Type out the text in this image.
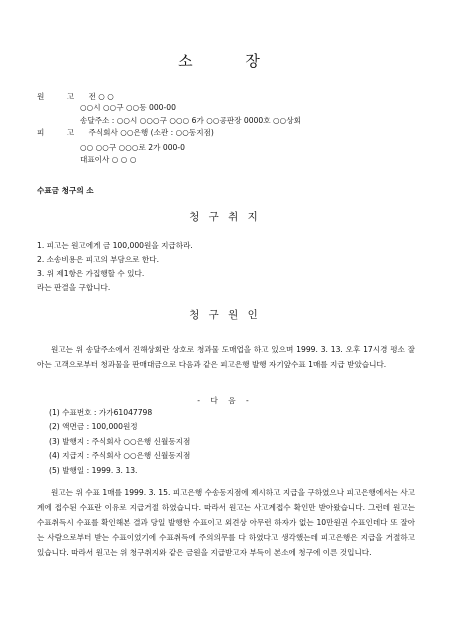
소 장
원 고 전 ○ ○
○○시 ○○구 ○○동 000-00
송달주소 : ○○시 ○○○구 ○○○ 6가 ○○공판장 0000호 ○○상회
피 고 주식회사 ○○은행 (소관 : ○○동지점)
○○ ○○구 ○○○로 2가 000-0
대표이사 ○ ○ ○
수표금 청구의 소
청 구 취 지
1. 피고는 원고에게 금 100,000원을 지급하라.
2. 소송비용은 피고의 부담으로 한다.
3. 위 제1항은 가집행할 수 있다.
라는 판결을 구합니다.
청 구 원 인

원고는 위 송달주소에서 진해상회란 상호로 청과물 도매업을 하고 있으며 1999. 3. 13. 오후 17시경 평소 잘아는 고객으로부터 청과물을 판매대금으로 다음과 같은 피고은행 발행 자기앞수표 1매를 지급 받았습니다.

- 다 음 -
(1) 수표번호 : 가가61047798
(2) 액면금 : 100,000원정
(3) 발행지 : 주식회사 ○○은행 신월동지점
(4) 지급지 : 주식회사 ○○은행 신월동지점
(5) 발행일 : 1999. 3. 13.

원고는 위 수표 1매를 1999. 3. 15. 피고은행 수송동지점에 제시하고 지급을 구하였으나 피고은행에서는 사고계에 접수된 수표란 이유로 지급거절 하였습니다. 따라서 원고는 사고계접수 확인만 받아왔습니다. 그런데 원고는 수표취득시 수표를 확인해본 결과 당일 발행한 수표이고 외견상 아무런 하자가 없는 10만원권 수표인데다 또 잘아는 사람으로부터 받는 수표이었기에 수표취득에 주의의무를 다 하였다고 생각했는데 피고은행은 지급을 거절하고 있습니다. 따라서 원고는 위 청구취지와 같은 금원을 지급받고자 부득이 본소에 청구에 이른 것입니다.
